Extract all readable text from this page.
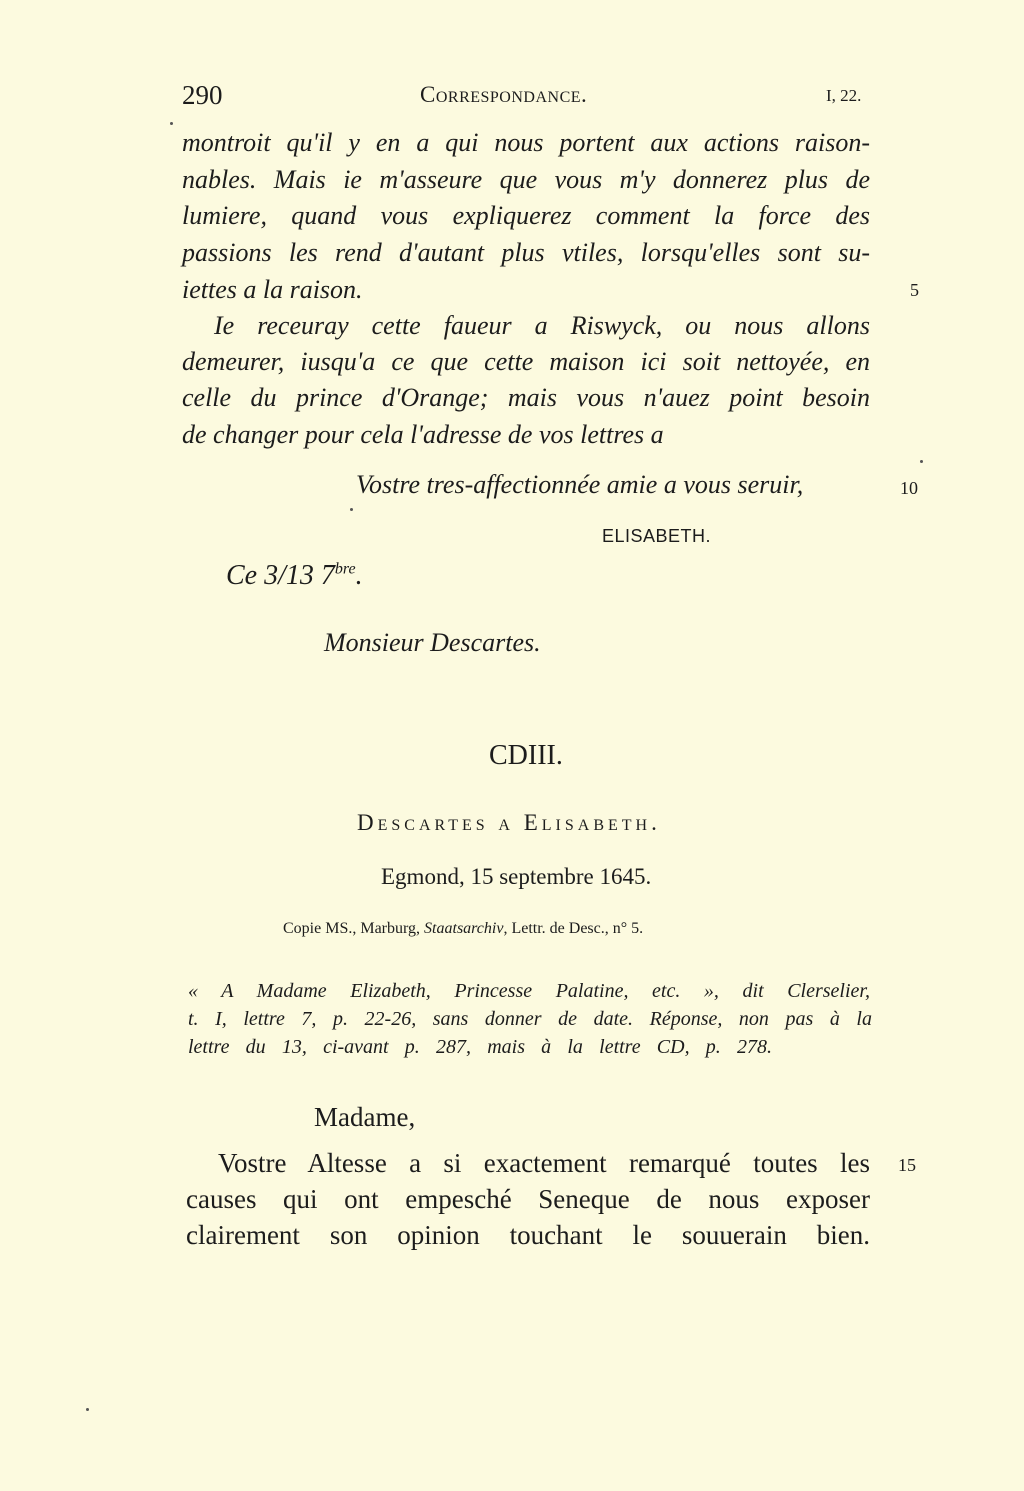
290	Correspondance.	I, 22.
montroit qu'il y en a qui nous portent aux actions raison-
nables. Mais ie m'asseure que vous m'y donnerez plus de
lumiere, quand vous expliquerez comment la force des
passions les rend d'autant plus vtiles, lorsqu'elles sont su-
iettes a la raison.	5
Ie receuray cette faueur a Riswyck, ou nous allons
demeurer, iusqu'a ce que cette maison ici soit nettoyée, en
celle du prince d'Orange; mais vous n'auez point besoin
de changer pour cela l'adresse de vos lettres a
Vostre tres-affectionnée amie a vous seruir,	10
ELISABETH.
Ce 3/13 $7^{bre}$.
Monsieur Descartes.
CDIII.
Descartes a Elisabeth.
Egmond, 15 septembre 1645.
Copie MS., Marburg, Staatsarchiv, Lettr. de Desc., n° 5.
« A Madame Elizabeth, Princesse Palatine, etc. », dit Clerselier,
t. I, lettre 7, p. 22-26, sans donner de date. Réponse, non pas à la
lettre du 13, ci-avant p. 287, mais à la lettre CD, p. 278.
Madame,
Vostre Altesse a si exactement remarqué toutes les 15
causes qui ont empesché Seneque de nous exposer
clairement son opinion touchant le souuerain bien.
